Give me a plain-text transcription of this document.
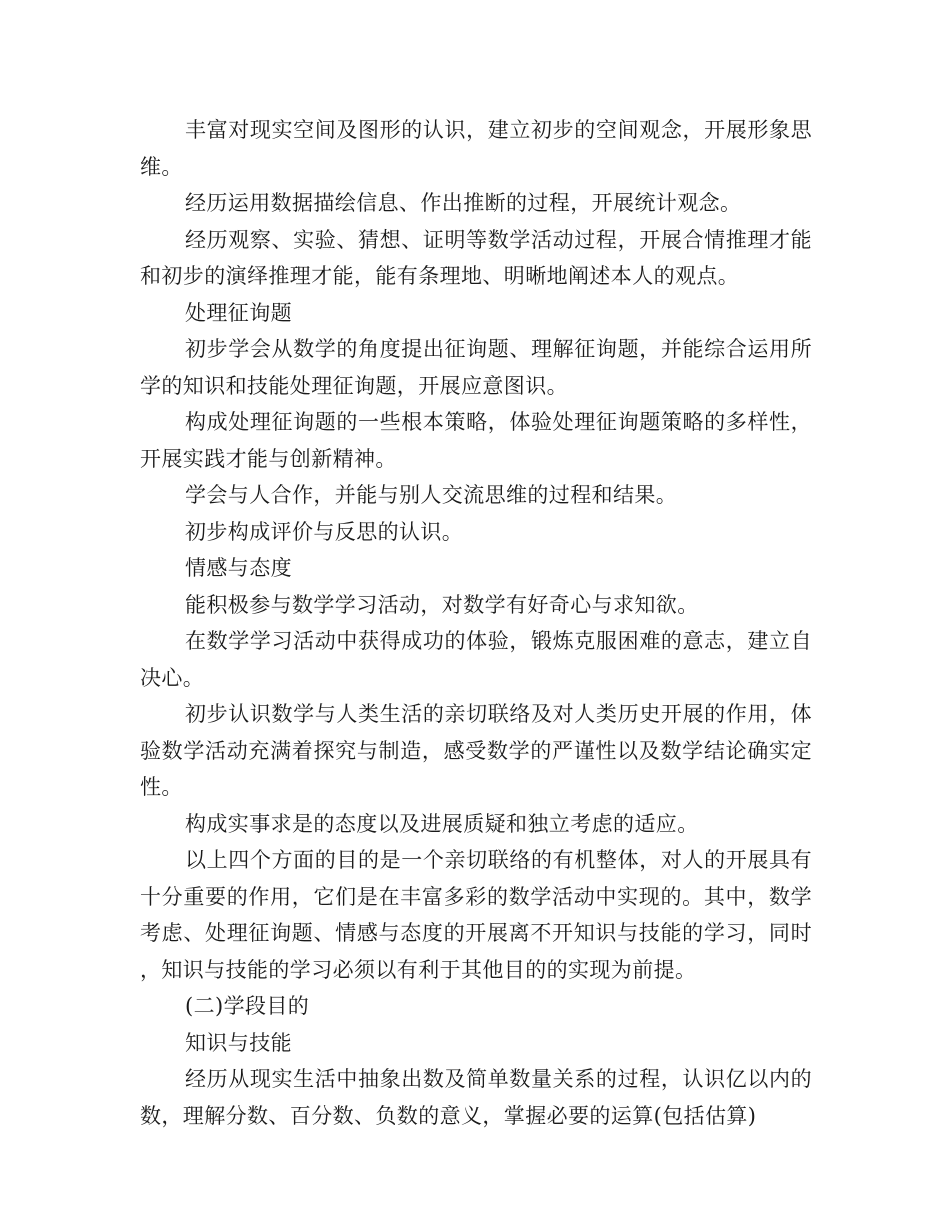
丰富对现实空间及图形的认识，建立初步的空间观念，开展形象思维。

经历运用数据描绘信息、作出推断的过程，开展统计观念。

经历观察、实验、猜想、证明等数学活动过程，开展合情推理才能和初步的演绎推理才能，能有条理地、明晰地阐述本人的观点。

处理征询题

初步学会从数学的角度提出征询题、理解征询题，并能综合运用所学的知识和技能处理征询题，开展应意图识。

构成处理征询题的一些根本策略，体验处理征询题策略的多样性，开展实践才能与创新精神。

学会与人合作，并能与别人交流思维的过程和结果。

初步构成评价与反思的认识。

情感与态度

能积极参与数学学习活动，对数学有好奇心与求知欲。

在数学学习活动中获得成功的体验，锻炼克服困难的意志，建立自决心。

初步认识数学与人类生活的亲切联络及对人类历史开展的作用，体验数学活动充满着探究与制造，感受数学的严谨性以及数学结论确实定性。

构成实事求是的态度以及进展质疑和独立考虑的适应。

以上四个方面的目的是一个亲切联络的有机整体，对人的开展具有十分重要的作用，它们是在丰富多彩的数学活动中实现的。其中，数学考虑、处理征询题、情感与态度的开展离不开知识与技能的学习，同时，知识与技能的学习必须以有利于其他目的的实现为前提。

(二)学段目的

知识与技能

经历从现实生活中抽象出数及简单数量关系的过程，认识亿以内的数，理解分数、百分数、负数的意义，掌握必要的运算(包括估算)
